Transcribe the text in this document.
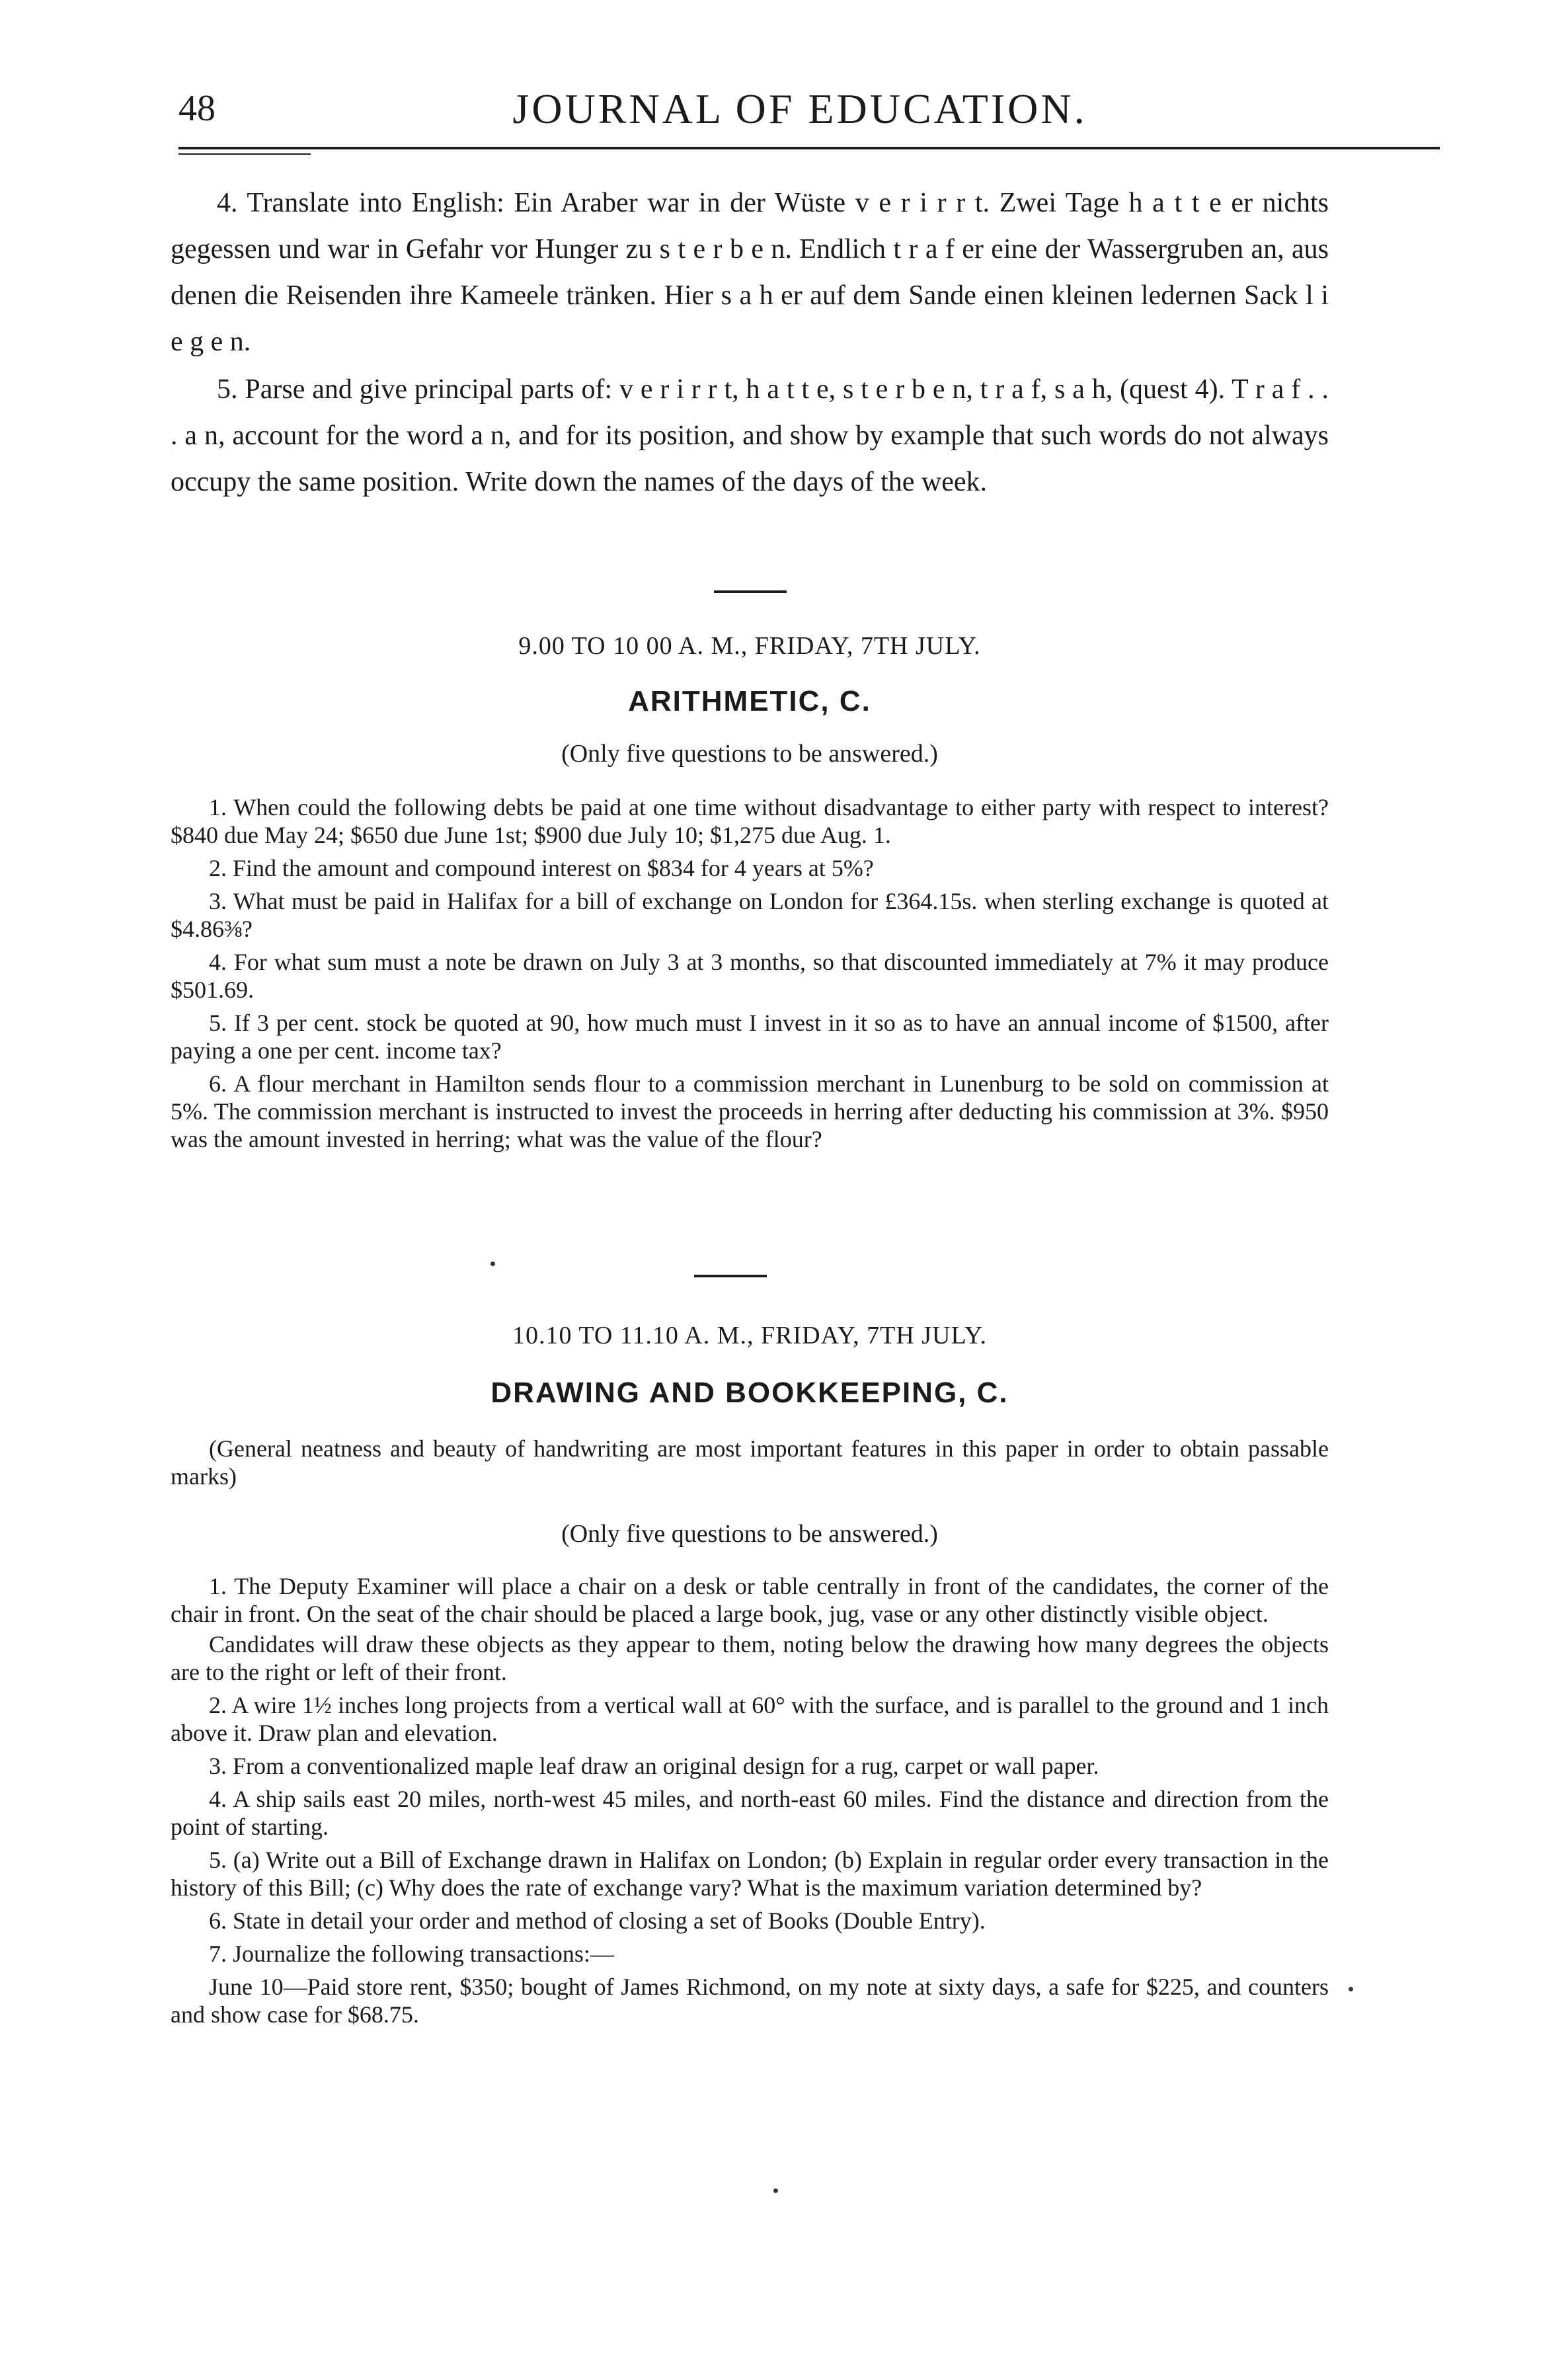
48	JOURNAL OF EDUCATION.

4. Translate into English: Ein Araber war in der Wüste v e r i r r t. Zwei Tage h a t t e er nichts gegessen und war in Gefahr vor Hunger zu s t e r b e n. Endlich t r a f er eine der Wassergruben an, aus denen die Reisenden ihre Kameele tränken. Hier s a h er auf dem Sande einen kleinen ledernen Sack l i e g e n.

5. Parse and give principal parts of: v e r i r r t, h a t t e, s t e r b e n, t r a f, s a h, (quest 4). T r a f . . . a n, account for the word a n, and for its position, and show by example that such words do not always occupy the same position. Write down the names of the days of the week.

9.00 TO 10 00 A. M., FRIDAY, 7TH JULY.
ARITHMETIC, C.
(Only five questions to be answered.)

1. When could the following debts be paid at one time without disadvantage to either party with respect to interest? $840 due May 24; $650 due June 1st; $900 due July 10; $1,275 due Aug. 1.

2. Find the amount and compound interest on $834 for 4 years at 5%?

3. What must be paid in Halifax for a bill of exchange on London for £364.15s. when sterling exchange is quoted at $4.86⅜?

4. For what sum must a note be drawn on July 3 at 3 months, so that discounted immediately at 7% it may produce $501.69.

5. If 3 per cent. stock be quoted at 90, how much must I invest in it so as to have an annual income of $1500, after paying a one per cent. income tax?

6. A flour merchant in Hamilton sends flour to a commission merchant in Lunenburg to be sold on commission at 5%. The commission merchant is instructed to invest the proceeds in herring after deducting his commission at 3%. $950 was the amount invested in herring; what was the value of the flour?

10.10 TO 11.10 A. M., FRIDAY, 7TH JULY.
DRAWING AND BOOKKEEPING, C.

(General neatness and beauty of handwriting are most important features in this paper in order to obtain passable marks)

(Only five questions to be answered.)

1. The Deputy Examiner will place a chair on a desk or table centrally in front of the candidates, the corner of the chair in front. On the seat of the chair should be placed a large book, jug, vase or any other distinctly visible object.

Candidates will draw these objects as they appear to them, noting below the drawing how many degrees the objects are to the right or left of their front.

2. A wire 1½ inches long projects from a vertical wall at 60° with the surface, and is parallel to the ground and 1 inch above it. Draw plan and elevation.

3. From a conventionalized maple leaf draw an original design for a rug, carpet or wall paper.

4. A ship sails east 20 miles, north-west 45 miles, and north-east 60 miles. Find the distance and direction from the point of starting.

5. (a) Write out a Bill of Exchange drawn in Halifax on London; (b) Explain in regular order every transaction in the history of this Bill; (c) Why does the rate of exchange vary? What is the maximum variation determined by?

6. State in detail your order and method of closing a set of Books (Double Entry).

7. Journalize the following transactions:—

June 10—Paid store rent, $350; bought of James Richmond, on my note at sixty days, a safe for $225, and counters and show case for $68.75.
